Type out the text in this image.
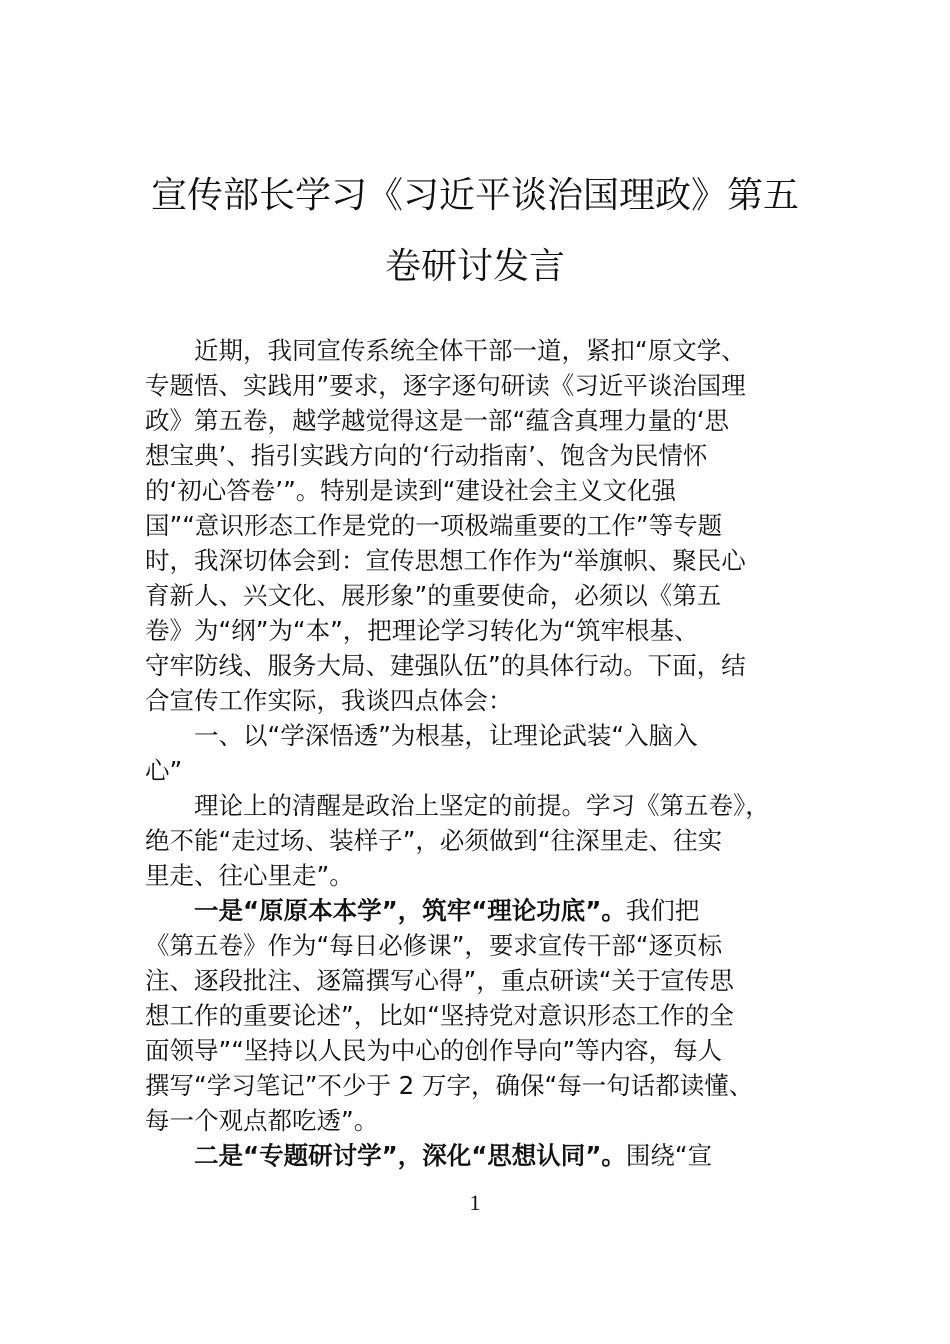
宣传部长学习《习近平谈治国理政》第五
卷研讨发言
近期，我同宣传系统全体干部一道，紧扣“原文学、
专题悟、实践用”要求，逐字逐句研读《习近平谈治国理
政》第五卷，越学越觉得这是一部“蕴含真理力量的‘思
想宝典’、指引实践方向的‘行动指南’、饱含为民情怀
的‘初心答卷’”。特别是读到“建设社会主义文化强
国”“意识形态工作是党的一项极端重要的工作”等专题
时，我深切体会到：宣传思想工作作为“举旗帜、聚民心
育新人、兴文化、展形象”的重要使命，必须以《第五
卷》为“纲”为“本”，把理论学习转化为“筑牢根基、
守牢防线、服务大局、建强队伍”的具体行动。下面，结
合宣传工作实际，我谈四点体会：
一、以“学深悟透”为根基，让理论武装“入脑入
心”
理论上的清醒是政治上坚定的前提。学习《第五卷》，
绝不能“走过场、装样子”，必须做到“往深里走、往实
里走、往心里走”。
一是“原原本本学”，筑牢“理论功底”。我们把
《第五卷》作为“每日必修课”，要求宣传干部“逐页标
注、逐段批注、逐篇撰写心得”，重点研读“关于宣传思
想工作的重要论述”，比如“坚持党对意识形态工作的全
面领导”“坚持以人民为中心的创作导向”等内容，每人
撰写“学习笔记”不少于 2 万字，确保“每一句话都读懂、
每一个观点都吃透”。
二是“专题研讨学”，深化“思想认同”。围绕“宣
1
